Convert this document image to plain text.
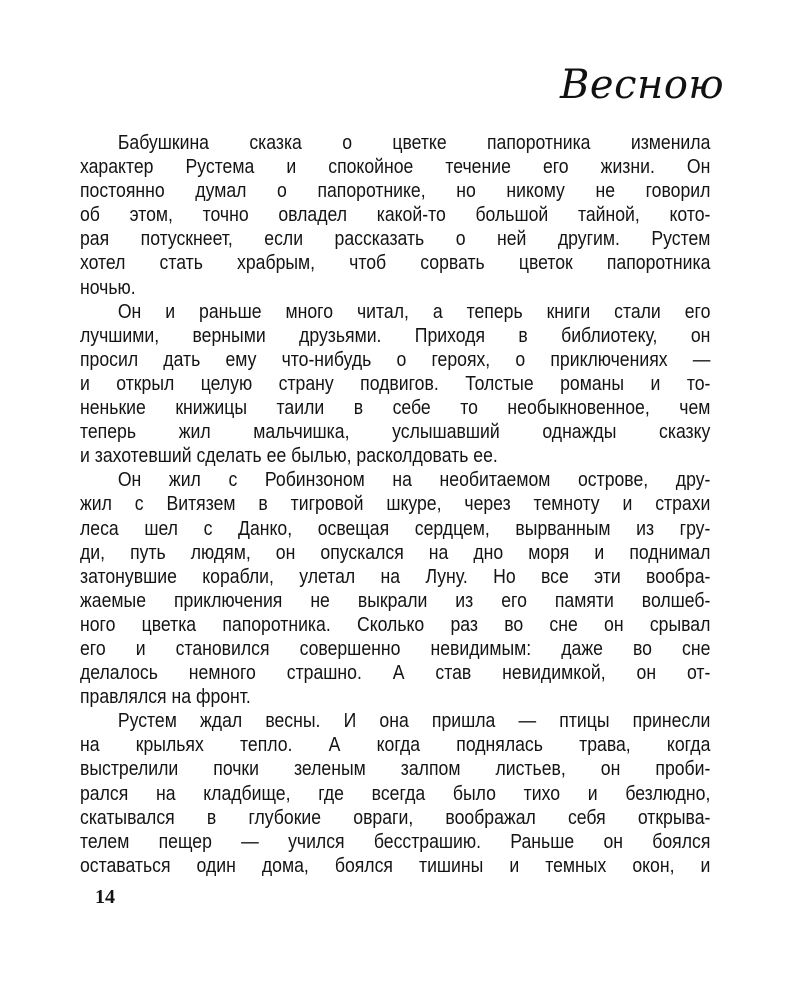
Весною
Бабушкина сказка о цветке папоротника изменила
характер Рустема и спокойное течение его жизни. Он
постоянно думал о папоротнике, но никому не говорил
об этом, точно овладел какой-то большой тайной, кото-
рая потускнеет, если рассказать о ней другим. Рустем
хотел стать храбрым, чтоб сорвать цветок папоротника
ночью.
Он и раньше много читал, а теперь книги стали его
лучшими, верными друзьями. Приходя в библиотеку, он
просил дать ему что-нибудь о героях, о приключениях —
и открыл целую страну подвигов. Толстые романы и то-
ненькие книжицы таили в себе то необыкновенное, чем
теперь жил мальчишка, услышавший однажды сказку
и захотевший сделать ее былью, расколдовать ее.
Он жил с Робинзоном на необитаемом острове, дру-
жил с Витязем в тигровой шкуре, через темноту и страхи
леса шел с Данко, освещая сердцем, вырванным из гру-
ди, путь людям, он опускался на дно моря и поднимал
затонувшие корабли, улетал на Луну. Но все эти вообра-
жаемые приключения не выкрали из его памяти волшеб-
ного цветка папоротника. Сколько раз во сне он срывал
его и становился совершенно невидимым: даже во сне
делалось немного страшно. А став невидимкой, он от-
правлялся на фронт.
Рустем ждал весны. И она пришла — птицы принесли
на крыльях тепло. А когда поднялась трава, когда
выстрелили почки зеленым залпом листьев, он проби-
рался на кладбище, где всегда было тихо и безлюдно,
скатывался в глубокие овраги, воображал себя открыва-
телем пещер — учился бесстрашию. Раньше он боялся
оставаться один дома, боялся тишины и темных окон, и
14
